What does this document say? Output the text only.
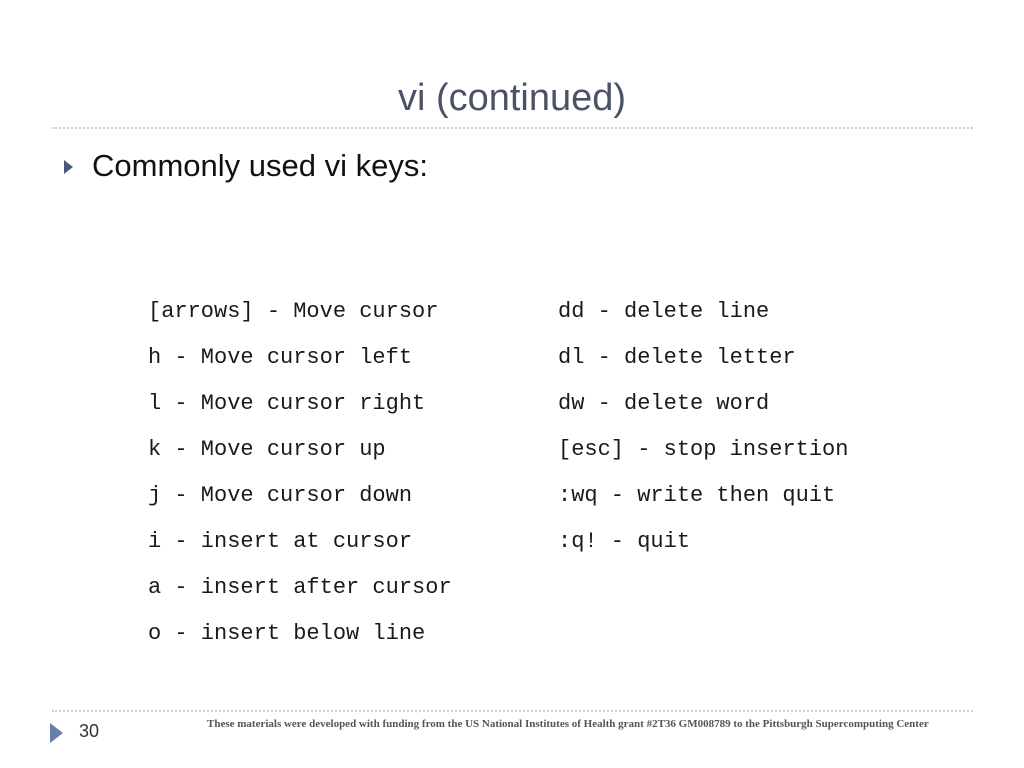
vi (continued)
Commonly used vi keys:
[arrows] - Move cursor
h - Move cursor left
l - Move cursor right
k - Move cursor up
j - Move cursor down
i - insert at cursor
a - insert after cursor
o - insert below line
dd - delete line
dl - delete letter
dw - delete word
[esc] - stop insertion
:wq - write then quit
:q! - quit
30	These materials were developed with funding from the US National Institutes of Health grant #2T36 GM008789 to the Pittsburgh Supercomputing Center
